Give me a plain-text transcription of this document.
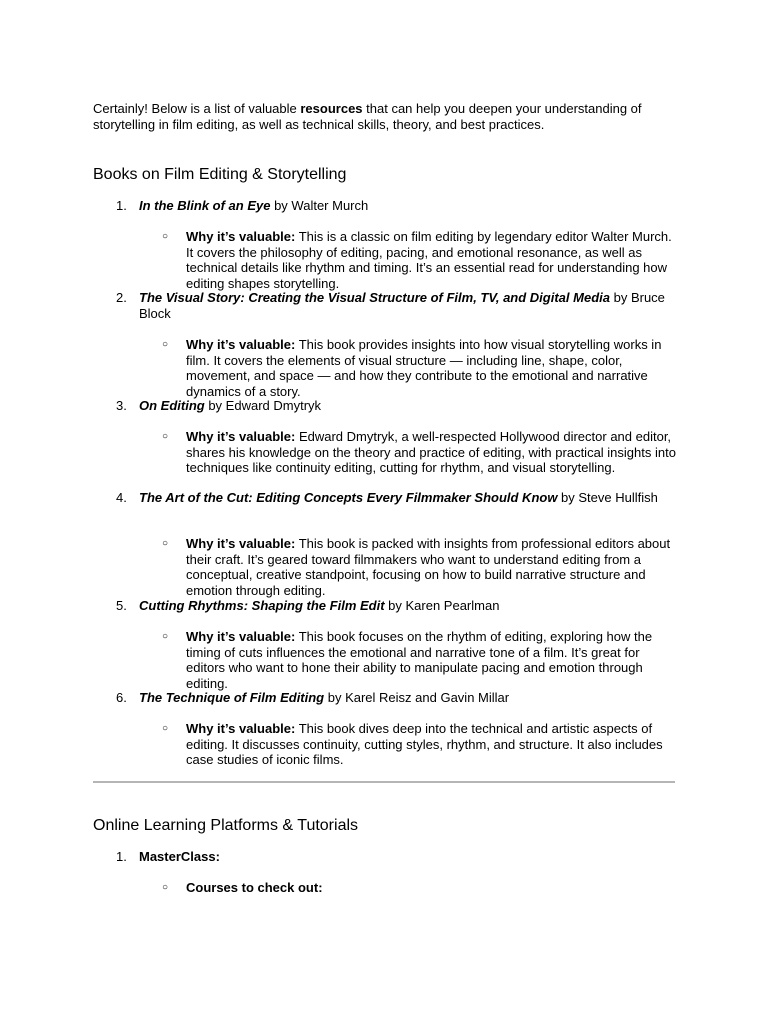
Certainly! Below is a list of valuable resources that can help you deepen your understanding of storytelling in film editing, as well as technical skills, theory, and best practices.

Books on Film Editing & Storytelling
1. In the Blink of an Eye by Walter Murch
○ Why it’s valuable: This is a classic on film editing by legendary editor Walter Murch. It covers the philosophy of editing, pacing, and emotional resonance, as well as technical details like rhythm and timing. It’s an essential read for understanding how editing shapes storytelling.
2. The Visual Story: Creating the Visual Structure of Film, TV, and Digital Media by Bruce Block
○ Why it’s valuable: This book provides insights into how visual storytelling works in film. It covers the elements of visual structure — including line, shape, color, movement, and space — and how they contribute to the emotional and narrative dynamics of a story.
3. On Editing by Edward Dmytryk
○ Why it’s valuable: Edward Dmytryk, a well-respected Hollywood director and editor, shares his knowledge on the theory and practice of editing, with practical insights into techniques like continuity editing, cutting for rhythm, and visual storytelling.
4. The Art of the Cut: Editing Concepts Every Filmmaker Should Know by Steve Hullfish
○ Why it’s valuable: This book is packed with insights from professional editors about their craft. It’s geared toward filmmakers who want to understand editing from a conceptual, creative standpoint, focusing on how to build narrative structure and emotion through editing.
5. Cutting Rhythms: Shaping the Film Edit by Karen Pearlman
○ Why it’s valuable: This book focuses on the rhythm of editing, exploring how the timing of cuts influences the emotional and narrative tone of a film. It’s great for editors who want to hone their ability to manipulate pacing and emotion through editing.
6. The Technique of Film Editing by Karel Reisz and Gavin Millar
○ Why it’s valuable: This book dives deep into the technical and artistic aspects of editing. It discusses continuity, cutting styles, rhythm, and structure. It also includes case studies of iconic films.
Online Learning Platforms & Tutorials
1. MasterClass:
○ Courses to check out:
